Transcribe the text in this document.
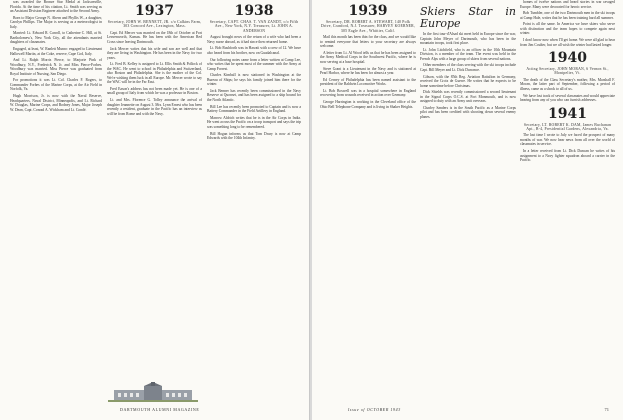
was awarded the Bronze Star Medal at Jacksonville, Florida. At the time of his citation, Lt. Smith was serving as an Assistant Division Engineer attached to the Second Army.

Born to Major George N. Ahern and Phyllis W., a daughter, Carolyn Phillips. The Major is serving as a meteorologist in Italy.

Married: Lt. Edward R. Carroll, to Catherine C. Hill, at St. Bartholomew's, New York City, all the attendants married daughters of classmates.

Engaged, at least, W. Ranlett Munro: engaged to Lieutenant Hallowell Martin, at the Coke, reserve, Cape Cod, Italy.

And Lt. Ralph Morris Pierce, to Marjorie Pink of Woodbury, N.Y., Frederick N. Jr. and Miss Pierce-Forbes. Woodbury was married. Miss Pierce was graduated from Royal Institute of Nursing, San Diego.

For promotions it was Lt. Col. Charles F. Rogers, to Commander Forbes of the Marine Corps, at the Air Field in Norfolk, Va.

Hugh Morrison, Jr. is now with the Naval Reserve, Headquarters, Naval District, Minneapolis, and Lt. Richard W. Douglas, Marine Corps, and Rodney Jones, Major Joseph W. Dean, Capt. Conrad A. Wickham and Lt. Condé.

1937
Secretary, JOHN W. BENNETT, JR. c/o Calkins Farm, 303 Concord Ave., Lexington, Mass.

Capt. Ed Mercer was married on the 18th of October at Fort Leavenworth, Kansas. He has been with the American Red Cross since leaving Dartmouth.

Jack Mercer writes that his wife and son are well and that they are living in Washington. He has been in the Navy for two years.

Lt. Fred B. Kelley is assigned to Lt. Ellis Smith & Pollock of the WAC. He went to school in Philadelphia and Switzerland, also Boston and Philadelphia. She is the mother of the Col. We're wishing them luck in all Europe. Mr. Mercer wrote to say the WAC will be in the Far East.

Fred Eason's address has not been made yet. He is one of a small group of Italy from which he was a professor in Boston.

Lt. and Mrs. Florence G. Tolley announce the arrival of daughter Jeannette on August 3. Mrs. Lynn Ernest who has been recently a resident, graduate in the Pacific has an interview as will be from Rome and with the Navy.

1938
Secretary, CAPT. CHAS. T. VAN ZANDT, c/o Fifth Ave., New York, N.Y. Treasurer, Lt. JOHN A. ANDERSON

August brought news of the return of a wife who had been a Navy nurse abroad, as it had since then returned home.

Lt. Bob Rushforth was in Hawaii with a crew of 12. We have also heard from his brother, now on Guadalcanal.

Our following notes came from a letter written at Camp Lee, who writes that he spent most of the summer with the Army at Camp Forrest.

Charles Kimball is now stationed in Washington at the Bureau of Ships; he says his family joined him there for the winter.

Jack Benner has recently been commissioned in the Navy Reserve at Quonset, and has been assigned to a ship bound for the North Atlantic.

Bill Lee has recently been promoted to Captain and is now a Battery Commander in the Field Artillery in England.

Marrow Aldrich writes that he is in the Air Corps in India. He went across the Pacific on a troop transport and says the trip was something long to be remembered.

Bill Hogan informs us that Tom Drury is now at Camp Edwards with the 104th Infantry.

DARTMOUTH ALUMNI MAGAZINE
1939
Secretary, DR. ROBERT A. STEWART, 140 Polk Drive, Cranford, N.J. Treasurer, HARVEY KOERNER, 305 Eagle Ave., Whittier, Calif.

Mail this month has been thin for the class, and we would like to remind everyone that letters to your secretary are always welcome.

A letter from Lt. Al Wood tells us that he has been assigned to the Army Medical Corps in the Southwest Pacific, where he is now serving at a base hospital.

Steve Grant is a Lieutenant in the Navy and is stationed at Pearl Harbor, where he has been for almost a year.

Ed Cerney of Philadelphia has been named assistant to the president of the Baldwin Locomotive Works.

Lt. Bob Boswell was in a hospital somewhere in England recovering from wounds received in action over Germany.

George Harrington is working in the Cleveland office of the Ohio Bell Telephone Company and is living in Shaker Heights.

Issue of OCTOBER 1943
Skiers Star in Europe

In the first tour-d'Alsad ski meet held in Europe since the war, Captain John Meyer of Dartmouth, who has been in the mountain troops, took first place.

Lt. John Litchfield, who is an officer in the 10th Mountain Division, is a member of the team. The event was held in the French Alps with a large group of skiers from several nations.

Other members of the class serving with the ski troops include Capt. Bill Meyer and Lt. Dick Durrance.

Gibson, with the 85th Reg. Aviation Battalion in Germany, received the Croix de Guerre. He writes that he expects to be home sometime before Christmas.

Dick Shields was recently commissioned a second lieutenant in the Signal Corps O.C.S. at Fort Monmouth, and is now assigned to duty with an Army unit overseas.

Charley Sanders is in the South Pacific as a Marine Corps pilot and has been credited with shooting down several enemy planes.

homes of twelve nations and heard stories in war ravaged Europe. Many were decorated for heroic service.

Bob Tumbler, one of the two Dartmouth men in the ski troops at Camp Hale, writes that he has been training hard all summer.

Point is all the same. In America we have skiers who serve with distinction and the team hopes to compete again next winter.

I don't know now when I'll get home. We were all glad to hear from Jim Coulter, but we all wish the winter had lasted longer.

1940
Acting Secretary, JOHN MORAN, 6 Vernon St., Montpelier, Vt.

The death of the Class Secretary's mother, Mrs. Marshall F. Moran, the latter part of September, following a period of illness, came as a shock to all of us.

We have lost track of several classmates and would appreciate hearing from any of you who can furnish addresses.

1941
Secretary, LT. ROBERT K. DAM, James Buchanan Apt., B-4, Presidential Gardens, Alexandria, Va.

The last time I wrote to July we faced the prospect of many months of war. We now hear news from all over the world of classmates in service.

In a letter received from Lt. Dick Duncan he writes of his assignment to a Navy fighter squadron aboard a carrier in the Pacific.

71
